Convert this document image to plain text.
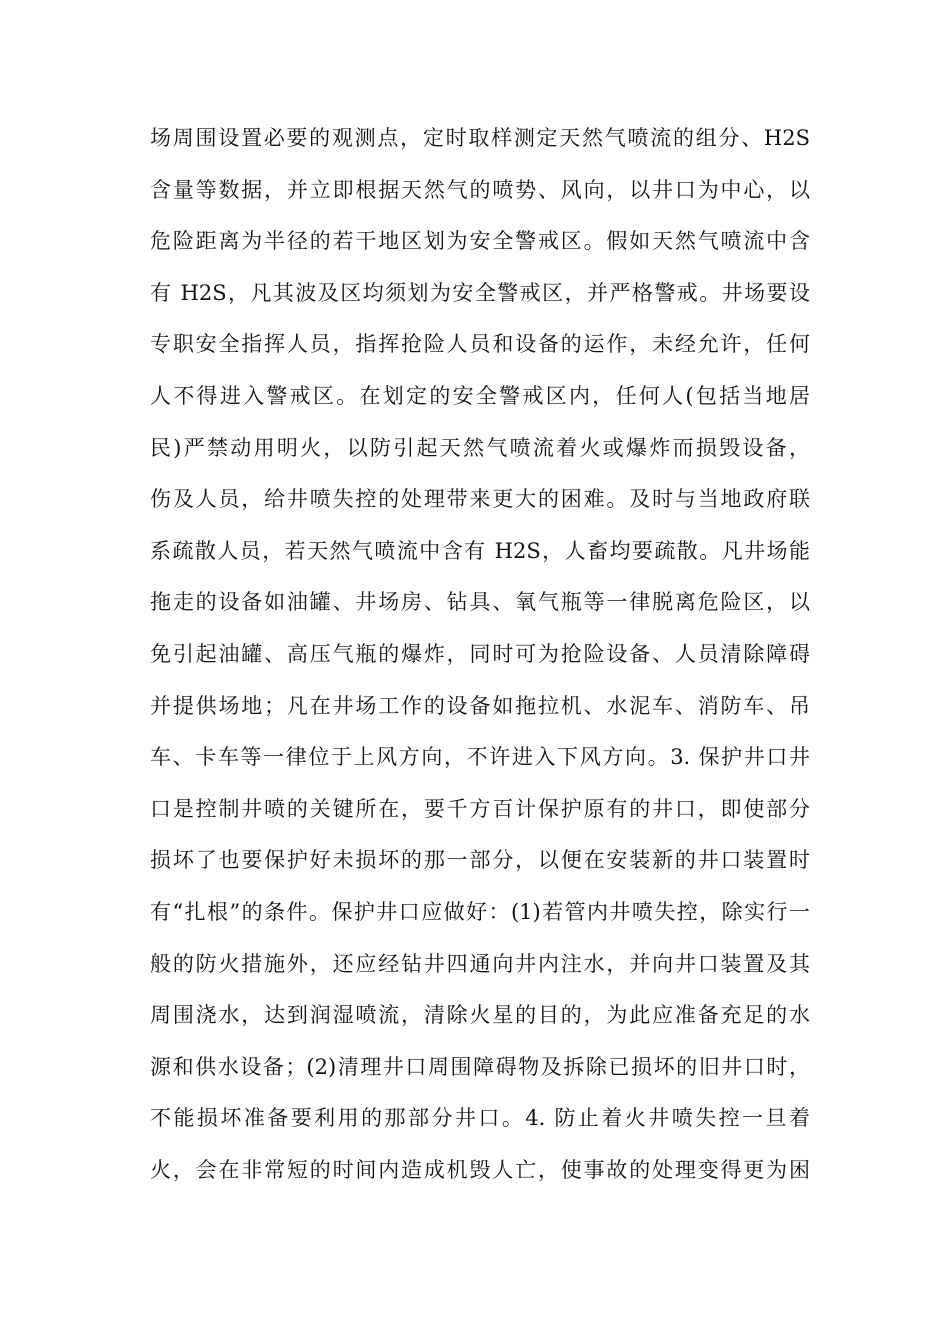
场周围设置必要的观测点，定时取样测定天然气喷流的组分、H2S
含量等数据，并立即根据天然气的喷势、风向，以井口为中心，以
危险距离为半径的若干地区划为安全警戒区。假如天然气喷流中含
有 H2S，凡其波及区均须划为安全警戒区，并严格警戒。井场要设
专职安全指挥人员，指挥抢险人员和设备的运作，未经允许，任何
人不得进入警戒区。在划定的安全警戒区内，任何人(包括当地居
民)严禁动用明火，以防引起天然气喷流着火或爆炸而损毁设备，
伤及人员，给井喷失控的处理带来更大的困难。及时与当地政府联
系疏散人员，若天然气喷流中含有 H2S，人畜均要疏散。凡井场能
拖走的设备如油罐、井场房、钻具、氧气瓶等一律脱离危险区，以
免引起油罐、高压气瓶的爆炸，同时可为抢险设备、人员清除障碍
并提供场地；凡在井场工作的设备如拖拉机、水泥车、消防车、吊
车、卡车等一律位于上风方向，不许进入下风方向。3. 保护井口井
口是控制井喷的关键所在，要千方百计保护原有的井口，即使部分
损坏了也要保护好未损坏的那一部分，以便在安装新的井口装置时
有“扎根”的条件。保护井口应做好：(1)若管内井喷失控，除实行一
般的防火措施外，还应经钻井四通向井内注水，并向井口装置及其
周围浇水，达到润湿喷流，清除火星的目的，为此应准备充足的水
源和供水设备；(2)清理井口周围障碍物及拆除已损坏的旧井口时，
不能损坏准备要利用的那部分井口。4. 防止着火井喷失控一旦着
火，会在非常短的时间内造成机毁人亡，使事故的处理变得更为困
